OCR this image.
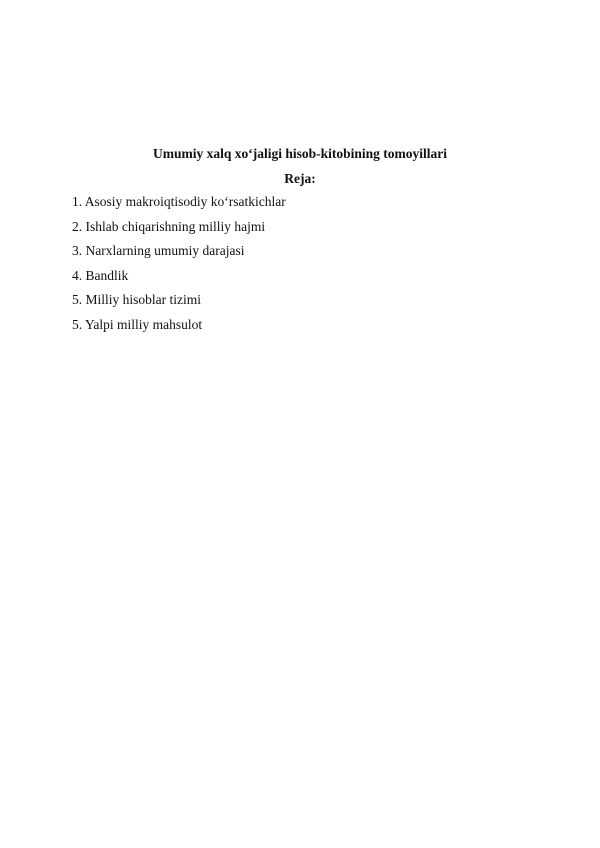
Umumiy xalq xo‘jaligi hisob-kitobining tomoyillari

Reja:

1. Asosiy makroiqtisodiy ko‘rsatkichlar
2. Ishlab chiqarishning milliy hajmi
3. Narxlarning umumiy darajasi
4. Bandlik
5. Milliy hisoblar tizimi
5. Yalpi milliy mahsulot
